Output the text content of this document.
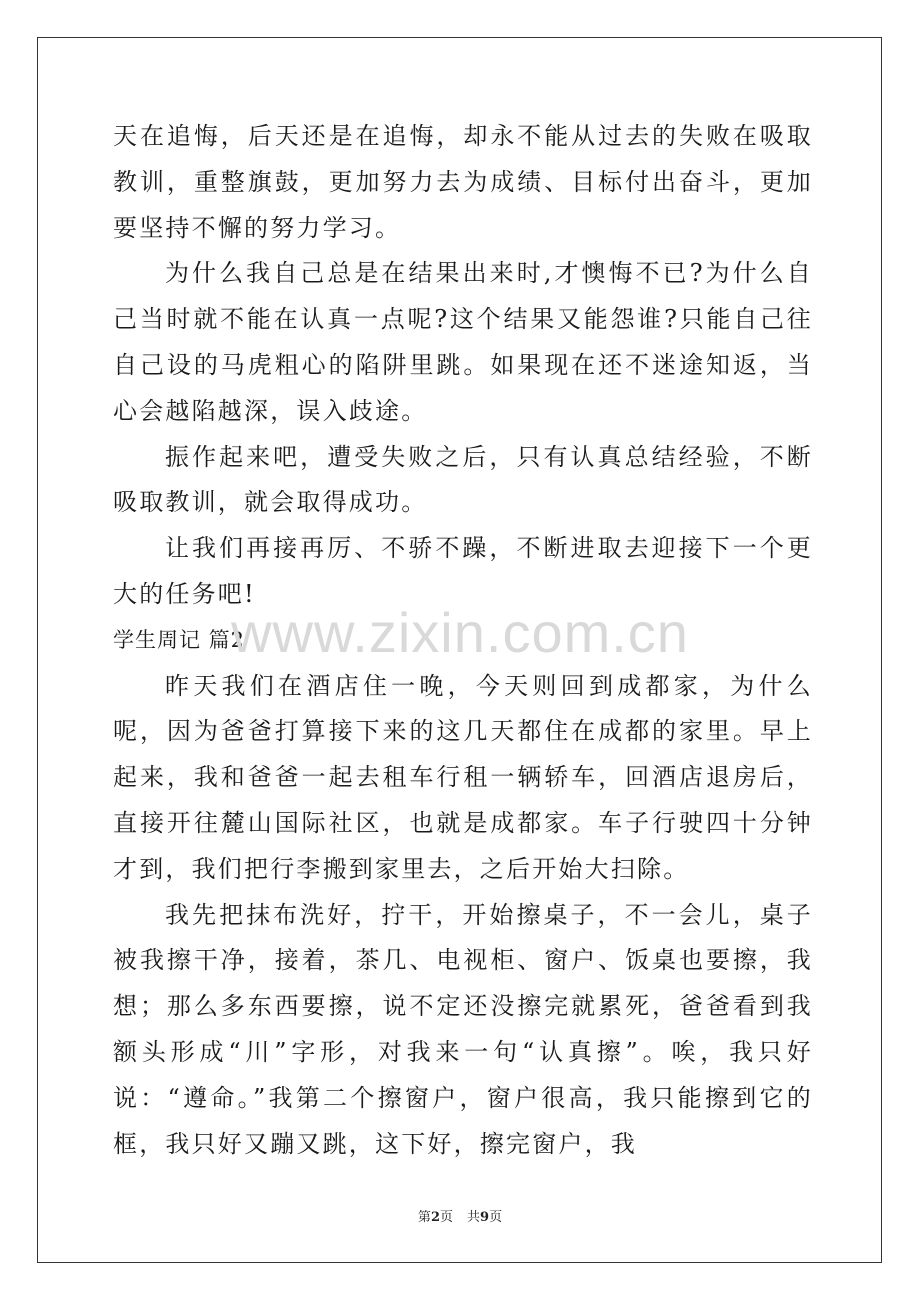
天在追悔，后天还是在追悔，却永不能从过去的失败在吸取教训，重整旗鼓，更加努力去为成绩、目标付出奋斗，更加要坚持不懈的努力学习。

为什么我自己总是在结果出来时,才懊悔不已?为什么自己当时就不能在认真一点呢?这个结果又能怨谁?只能自己往自己设的马虎粗心的陷阱里跳。如果现在还不迷途知返，当心会越陷越深，误入歧途。

振作起来吧，遭受失败之后，只有认真总结经验，不断吸取教训，就会取得成功。

让我们再接再厉、不骄不躁，不断进取去迎接下一个更大的任务吧!

学生周记 篇2

昨天我们在酒店住一晚，今天则回到成都家，为什么呢，因为爸爸打算接下来的这几天都住在成都的家里。早上起来，我和爸爸一起去租车行租一辆轿车，回酒店退房后，直接开往麓山国际社区，也就是成都家。车子行驶四十分钟才到，我们把行李搬到家里去，之后开始大扫除。

我先把抹布洗好，拧干，开始擦桌子，不一会儿，桌子被我擦干净，接着，茶几、电视柜、窗户、饭桌也要擦，我想；那么多东西要擦，说不定还没擦完就累死，爸爸看到我额头形成“川”字形，对我来一句“认真擦”。唉，我只好说：“遵命。”我第二个擦窗户，窗户很高，我只能擦到它的框，我只好又蹦又跳，这下好，擦完窗户，我

www.zixin.com.cn
第2页 共9页
